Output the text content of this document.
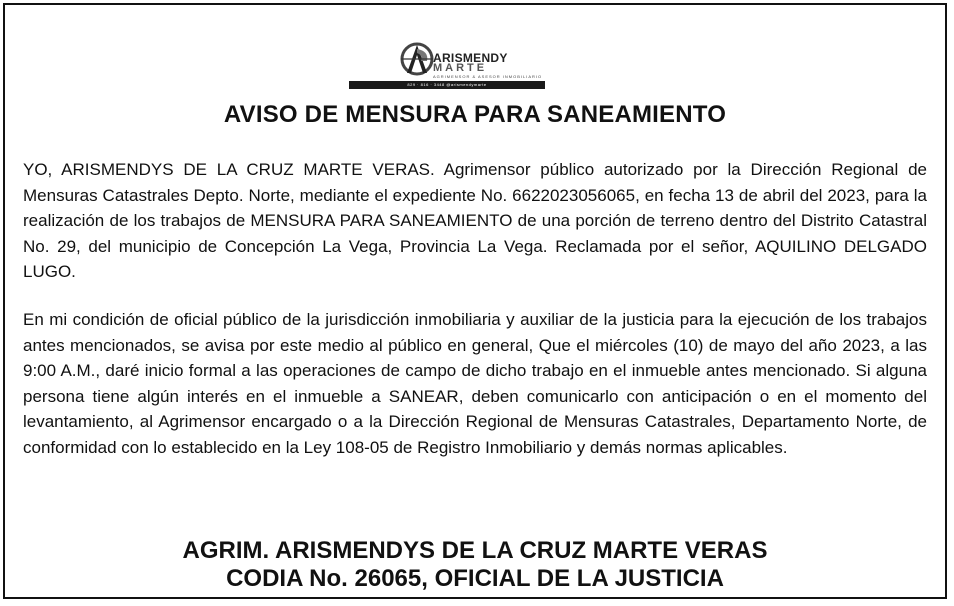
ARISMENDY
MARTE
AGRIMENSOR & ASESOR INMOBILIARIO
829 · 816 · 3448 @arismendymarte
AVISO DE MENSURA PARA SANEAMIENTO

YO, ARISMENDYS DE LA CRUZ MARTE VERAS. Agrimensor público autorizado por la Dirección Regional de Mensuras Catastrales Depto. Norte, mediante el expediente No. 6622023056065, en fecha 13 de abril del 2023, para la realización de los trabajos de MENSURA PARA SANEAMIENTO de una porción de terreno dentro del Distrito Catastral No. 29, del municipio de Concepción La Vega, Provincia La Vega. Reclamada por el señor, AQUILINO DELGADO LUGO.

En mi condición de oficial público de la jurisdicción inmobiliaria y auxiliar de la justicia para la ejecución de los trabajos antes mencionados, se avisa por este medio al público en general, Que el miércoles (10) de mayo del año 2023, a las 9:00 A.M., daré inicio formal a las operaciones de campo de dicho trabajo en el inmueble antes mencionado. Si alguna persona tiene algún interés en el inmueble a SANEAR, deben comunicarlo con anticipación o en el momento del levantamiento, al Agrimensor encargado o a la Dirección Regional de Mensuras Catastrales, Departamento Norte, de conformidad con lo establecido en la Ley 108-05 de Registro Inmobiliario y demás normas aplicables.

AGRIM. ARISMENDYS DE LA CRUZ MARTE VERAS
CODIA No. 26065, OFICIAL DE LA JUSTICIA
